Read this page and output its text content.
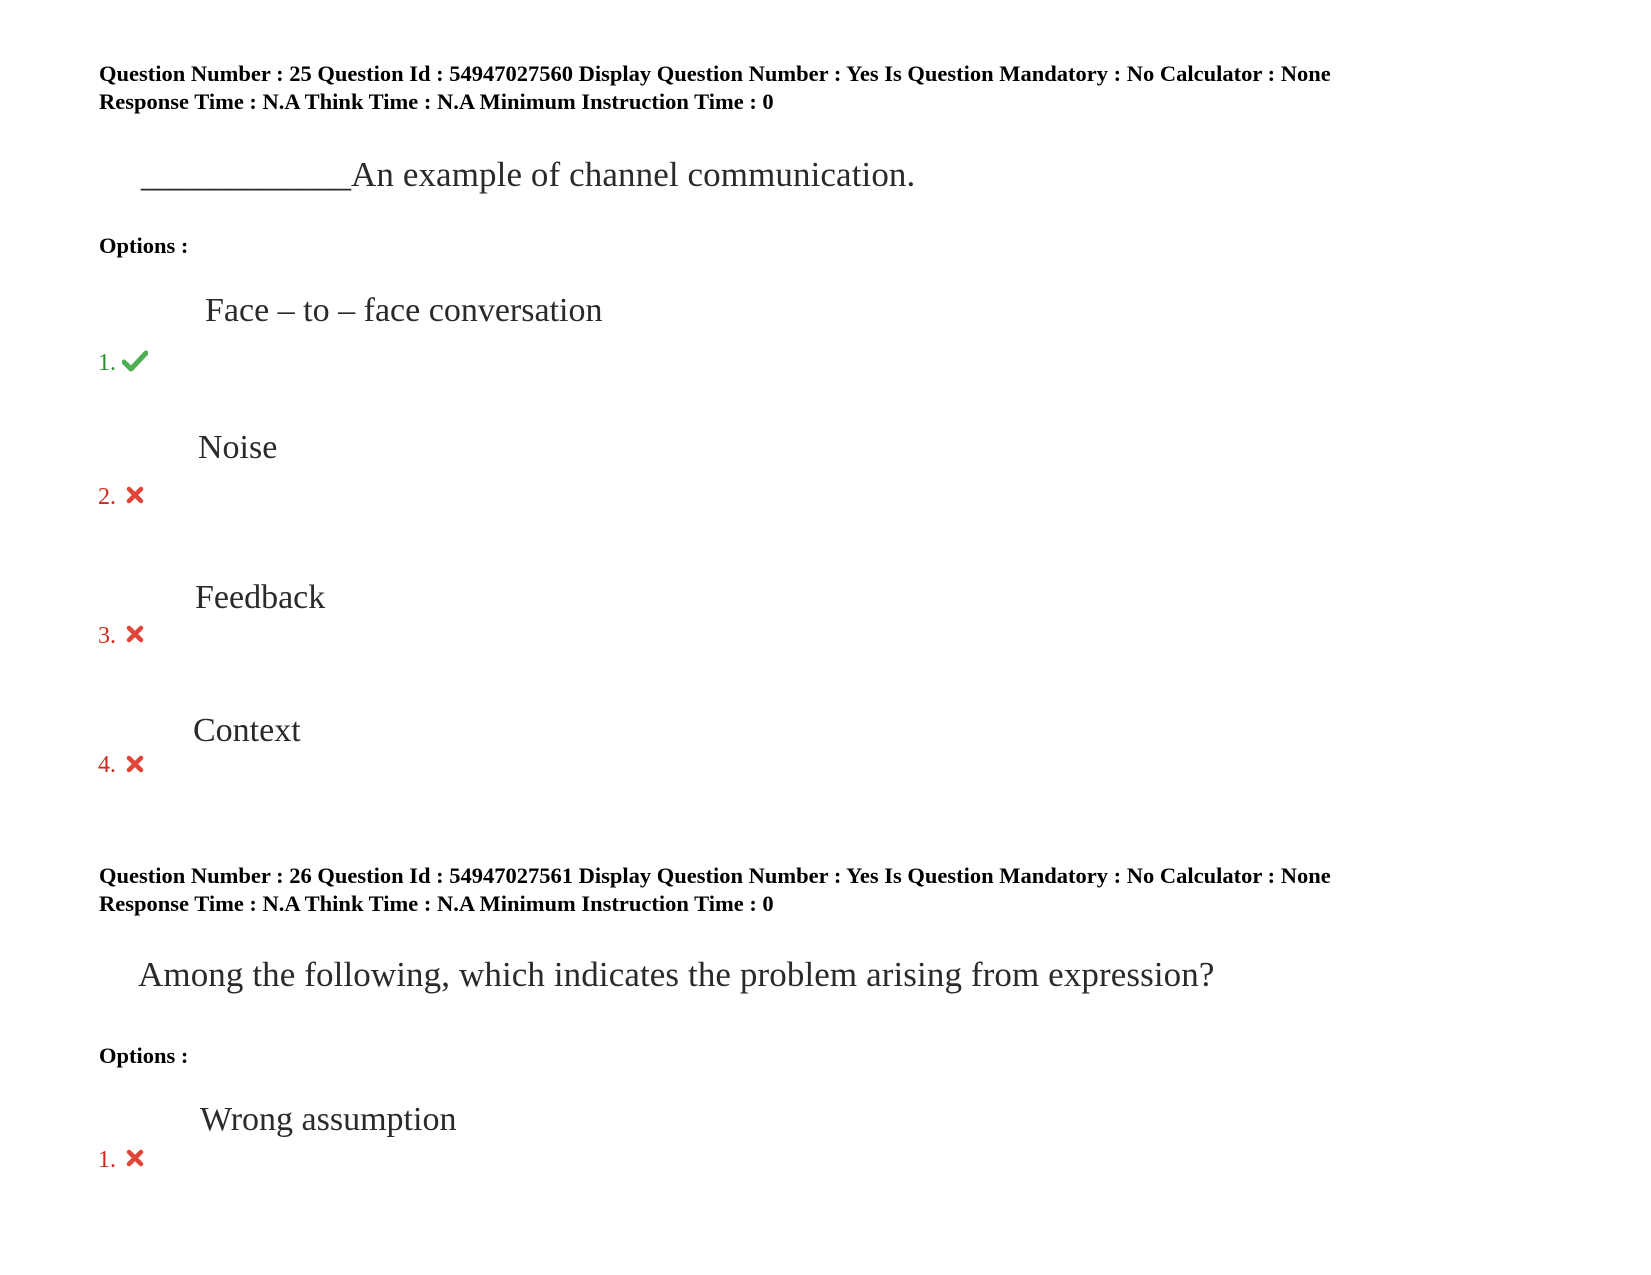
Question Number : 25 Question Id : 54947027560 Display Question Number : Yes Is Question Mandatory : No Calculator : None
Response Time : N.A Think Time : N.A Minimum Instruction Time : 0
____________An example of channel communication.
Options :
Face – to – face conversation
1.
Noise
2.
Feedback
3.
Context
4.
Question Number : 26 Question Id : 54947027561 Display Question Number : Yes Is Question Mandatory : No Calculator : None
Response Time : N.A Think Time : N.A Minimum Instruction Time : 0
Among the following, which indicates the problem arising from expression?
Options :
Wrong assumption
1.
